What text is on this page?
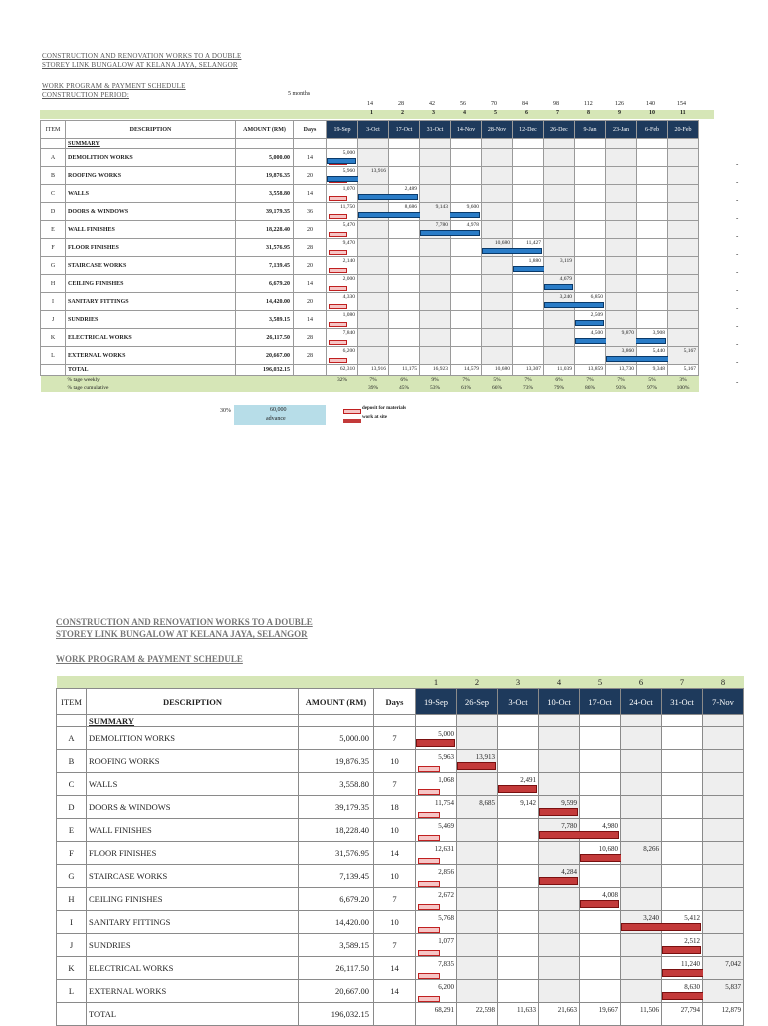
CONSTRUCTION AND RENOVATION WORKS TO A DOUBLE
STOREY LINK BUNGALOW AT KELANA JAYA, SELANGOR
WORK PROGRAM & PAYMENT SCHEDULE
CONSTRUCTION PERIOD:	5 months
14	28	42	56	70	84	98	112	126	140	154
1	2	3	4	5	6	7	8	9	10	11
ITEM	DESCRIPTION	AMOUNT (RM)	Days	19-Sep	3-Oct	17-Oct	31-Oct	14-Nov	28-Nov	12-Dec	26-Dec	9-Jan	23-Jan	6-Feb	20-Feb
	SUMMARY														
A	DEMOLITION WORKS	5,000.00	14	5,000											

B	ROOFING WORKS	19,876.35	20	5,960	13,916										

C	WALLS	3,558.80	14	1,070		2,489									

D	DOORS & WINDOWS	39,179.35	36	11,750		8,686	9,143	9,600							

E	WALL FINISHES	18,228.40	20	5,470			7,780	4,978							

F	FLOOR FINISHES	31,576.95	28	9,470					10,680	11,427					

G	STAIRCASE WORKS	7,139.45	20	2,140						1,880	3,119				

H	CEILING FINISHES	6,679.20	14	2,000							4,679				

I	SANITARY FITTINGS	14,420.00	20	4,330							3,240	6,850			

J	SUNDRIES	3,589.15	14	1,080								2,509			

K	ELECTRICAL WORKS	26,117.50	28	7,840								4,500	9,870	3,908	

L	EXTERNAL WORKS	20,667.00	28	6,200									3,860	5,440	5,167

	TOTAL	196,032.15		62,310	13,916	11,175	16,923	14,579	10,680	13,307	11,039	13,859	13,730	9,348	5,167

	% tage weekly			32%	7%	6%	9%	7%	5%	7%	6%	7%	7%	5%	3%
	% tage cumulative				39%	45%	53%	61%	66%	73%	79%	86%	93%	97%	100%
30%	60,000
advance
deposit for materials
work at site
-
-
-
-
-
-
-
-
-
-
-
-
-
CONSTRUCTION AND RENOVATION WORKS TO A DOUBLE
STOREY LINK BUNGALOW AT KELANA JAYA, SELANGOR
WORK PROGRAM & PAYMENT SCHEDULE
				1	2	3	4	5	6	7	8
ITEM	DESCRIPTION	AMOUNT (RM)	Days	19-Sep	26-Sep	3-Oct	10-Oct	17-Oct	24-Oct	31-Oct	7-Nov
	SUMMARY										
A	DEMOLITION WORKS	5,000.00	7	5,000							

B	ROOFING WORKS	19,876.35	10	5,963	13,913						

C	WALLS	3,558.80	7	1,068		2,491					

D	DOORS & WINDOWS	39,179.35	18	11,754	8,685	9,142	9,599				

E	WALL FINISHES	18,228.40	10	5,469			7,780	4,980			

F	FLOOR FINISHES	31,576.95	14	12,631				10,680	8,266		

G	STAIRCASE WORKS	7,139.45	10	2,856			4,284				

H	CEILING FINISHES	6,679.20	7	2,672				4,008			

I	SANITARY FITTINGS	14,420.00	10	5,768					3,240	5,412	

J	SUNDRIES	3,589.15	7	1,077						2,512	

K	ELECTRICAL WORKS	26,117.50	14	7,835						11,240	7,042

L	EXTERNAL WORKS	20,667.00	14	6,200						8,630	5,837

	TOTAL	196,032.15		68,291	22,598	11,633	21,663	19,667	11,506	27,794	12,879
